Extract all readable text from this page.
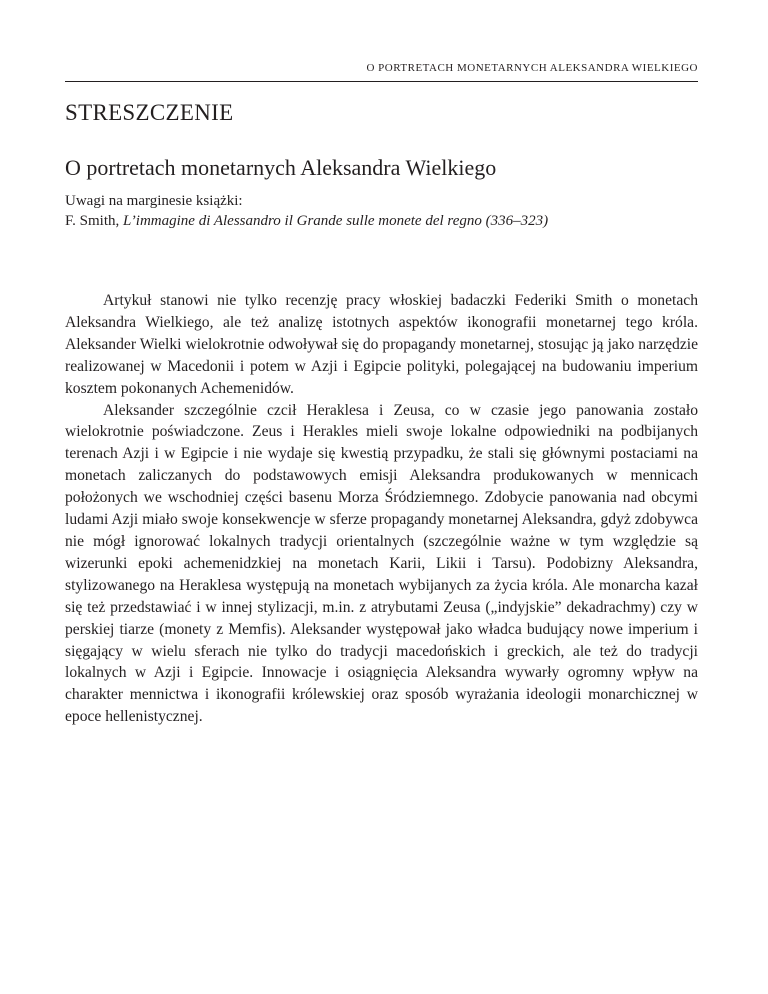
O PORTRETACH MONETARNYCH ALEKSANDRA WIELKIEGO
STRESZCZENIE
O portretach monetarnych Aleksandra Wielkiego

Uwagi na marginesie książki:

F. Smith, L’immagine di Alessandro il Grande sulle monete del regno (336–323)

Artykuł stanowi nie tylko recenzję pracy włoskiej badaczki Federiki Smith o monetach Aleksandra Wielkiego, ale też analizę istotnych aspektów ikonografii monetarnej tego króla. Aleksander Wielki wielokrotnie odwoływał się do propagandy monetarnej, stosując ją jako narzędzie realizowanej w Macedonii i potem w Azji i Egipcie polityki, polegającej na budowaniu imperium kosztem pokonanych Achemenidów.

Aleksander szczególnie czcił Heraklesa i Zeusa, co w czasie jego panowania zostało wielokrotnie poświadczone. Zeus i Herakles mieli swoje lokalne odpowiedniki na podbijanych terenach Azji i w Egipcie i nie wydaje się kwestią przypadku, że stali się głównymi postaciami na monetach zaliczanych do podstawowych emisji Aleksandra produkowanych w mennicach położonych we wschodniej części basenu Morza Śródziemnego. Zdobycie panowania nad obcymi ludami Azji miało swoje konsekwencje w sferze propagandy monetarnej Aleksandra, gdyż zdobywca nie mógł ignorować lokalnych tradycji orientalnych (szczególnie ważne w tym względzie są wizerunki epoki achemenidzkiej na monetach Karii, Likii i Tarsu). Podobizny Aleksandra, stylizowanego na Heraklesa występują na monetach wybijanych za życia króla. Ale monarcha kazał się też przedstawiać i w innej stylizacji, m.in. z atrybutami Zeusa („indyjskie” dekadrachmy) czy w perskiej tiarze (monety z Memfis). Aleksander występował jako władca budujący nowe imperium i sięgający w wielu sferach nie tylko do tradycji macedońskich i greckich, ale też do tradycji lokalnych w Azji i Egipcie. Innowacje i osiągnięcia Aleksandra wywarły ogromny wpływ na charakter mennictwa i ikonografii królewskiej oraz sposób wyrażania ideologii monarchicznej w epoce hellenistycznej.
